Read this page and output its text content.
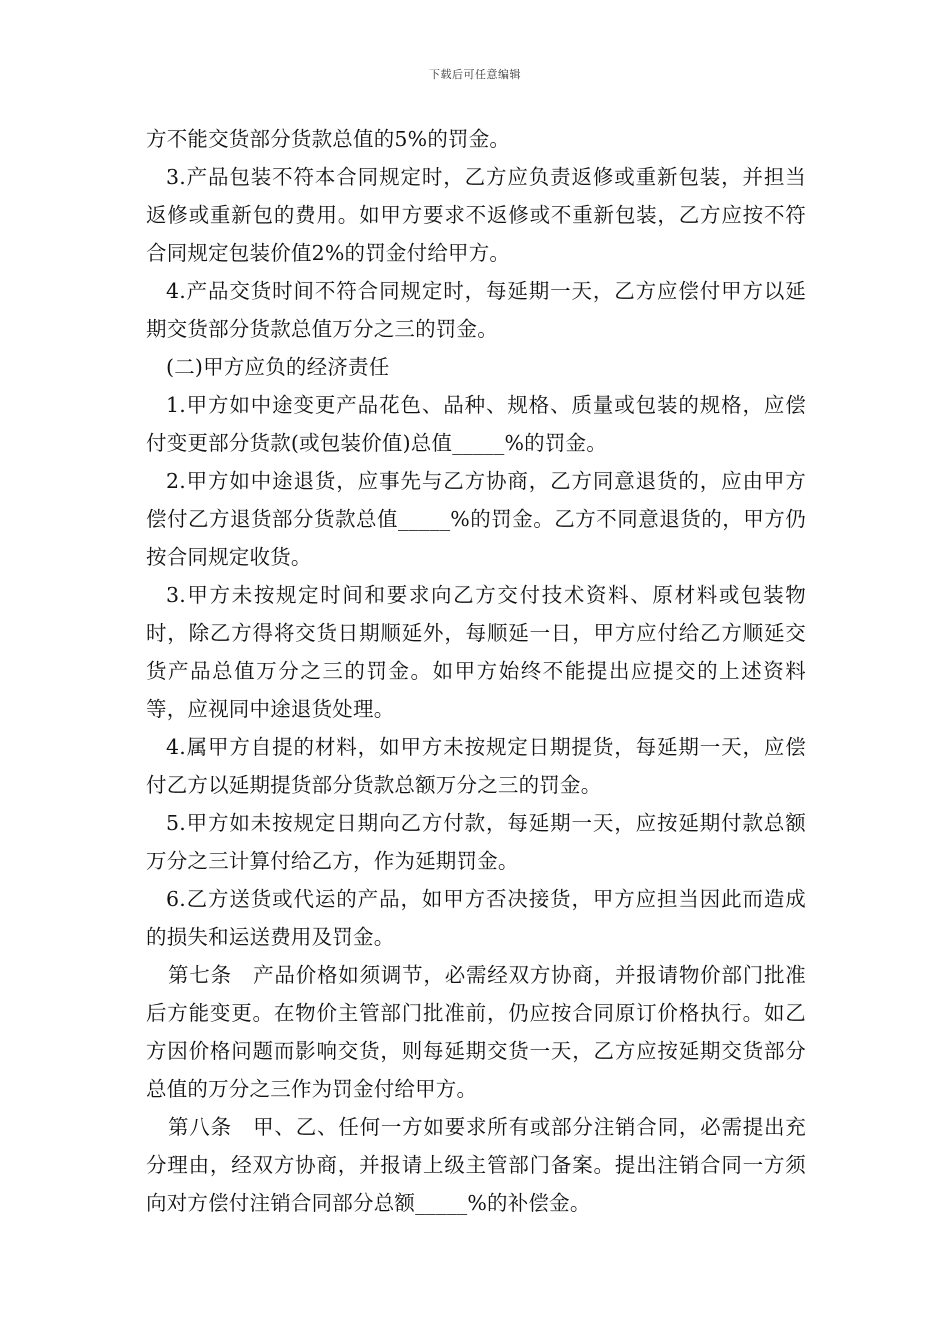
下载后可任意编辑

方不能交货部分货款总值的5%的罚金。

3.产品包装不符本合同规定时，乙方应负责返修或重新包装，并担当返修或重新包的费用。如甲方要求不返修或不重新包装，乙方应按不符合同规定包装价值2%的罚金付给甲方。

4.产品交货时间不符合同规定时，每延期一天，乙方应偿付甲方以延期交货部分货款总值万分之三的罚金。

(二)甲方应负的经济责任

1.甲方如中途变更产品花色、品种、规格、质量或包装的规格，应偿付变更部分货款(或包装价值)总值_____%的罚金。

2.甲方如中途退货，应事先与乙方协商，乙方同意退货的，应由甲方偿付乙方退货部分货款总值_____%的罚金。乙方不同意退货的，甲方仍按合同规定收货。

3.甲方未按规定时间和要求向乙方交付技术资料、原材料或包装物时，除乙方得将交货日期顺延外，每顺延一日，甲方应付给乙方顺延交货产品总值万分之三的罚金。如甲方始终不能提出应提交的上述资料等，应视同中途退货处理。

4.属甲方自提的材料，如甲方未按规定日期提货，每延期一天，应偿付乙方以延期提货部分货款总额万分之三的罚金。

5.甲方如未按规定日期向乙方付款，每延期一天，应按延期付款总额万分之三计算付给乙方，作为延期罚金。

6.乙方送货或代运的产品，如甲方否决接货，甲方应担当因此而造成的损失和运送费用及罚金。

第七条　产品价格如须调节，必需经双方协商，并报请物价部门批准后方能变更。在物价主管部门批准前，仍应按合同原订价格执行。如乙方因价格问题而影响交货，则每延期交货一天，乙方应按延期交货部分总值的万分之三作为罚金付给甲方。

第八条　甲、乙、任何一方如要求所有或部分注销合同，必需提出充分理由，经双方协商，并报请上级主管部门备案。提出注销合同一方须向对方偿付注销合同部分总额_____%的补偿金。
